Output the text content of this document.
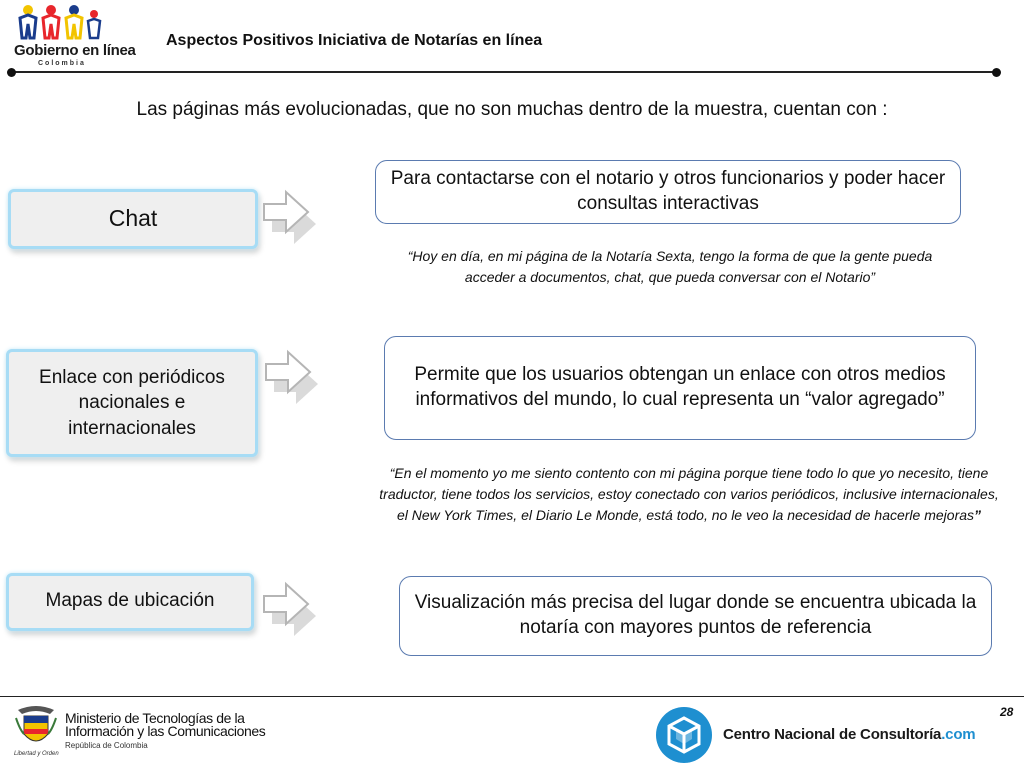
Gobierno en línea
Colombia
Aspectos Positivos Iniciativa de Notarías en línea
Las páginas más evolucionadas, que no son muchas dentro de la muestra, cuentan con :
Chat
Para contactarse con el notario y otros funcionarios y poder hacer consultas interactivas
“Hoy en día, en mi página de la Notaría Sexta, tengo la forma de que la gente pueda acceder a documentos, chat, que pueda conversar con el Notario”
Enlace con periódicos nacionales e internacionales
Permite que los usuarios obtengan un enlace con otros medios informativos del mundo, lo cual representa un “valor agregado”
“En el momento yo me siento contento con mi página porque tiene todo lo que yo necesito, tiene traductor, tiene todos los servicios, estoy conectado con varios periódicos, inclusive internacionales, el New York Times, el Diario Le Monde, está todo, no le veo la necesidad de hacerle mejoras”
Mapas de ubicación	Visualización más precisa del lugar donde se encuentra ubicada la notaría con mayores puntos de referencia
28
Ministerio de Tecnologías de la
Información y las Comunicaciones
República de Colombia
Libertad y Orden
Centro Nacional de Consultoría.com
